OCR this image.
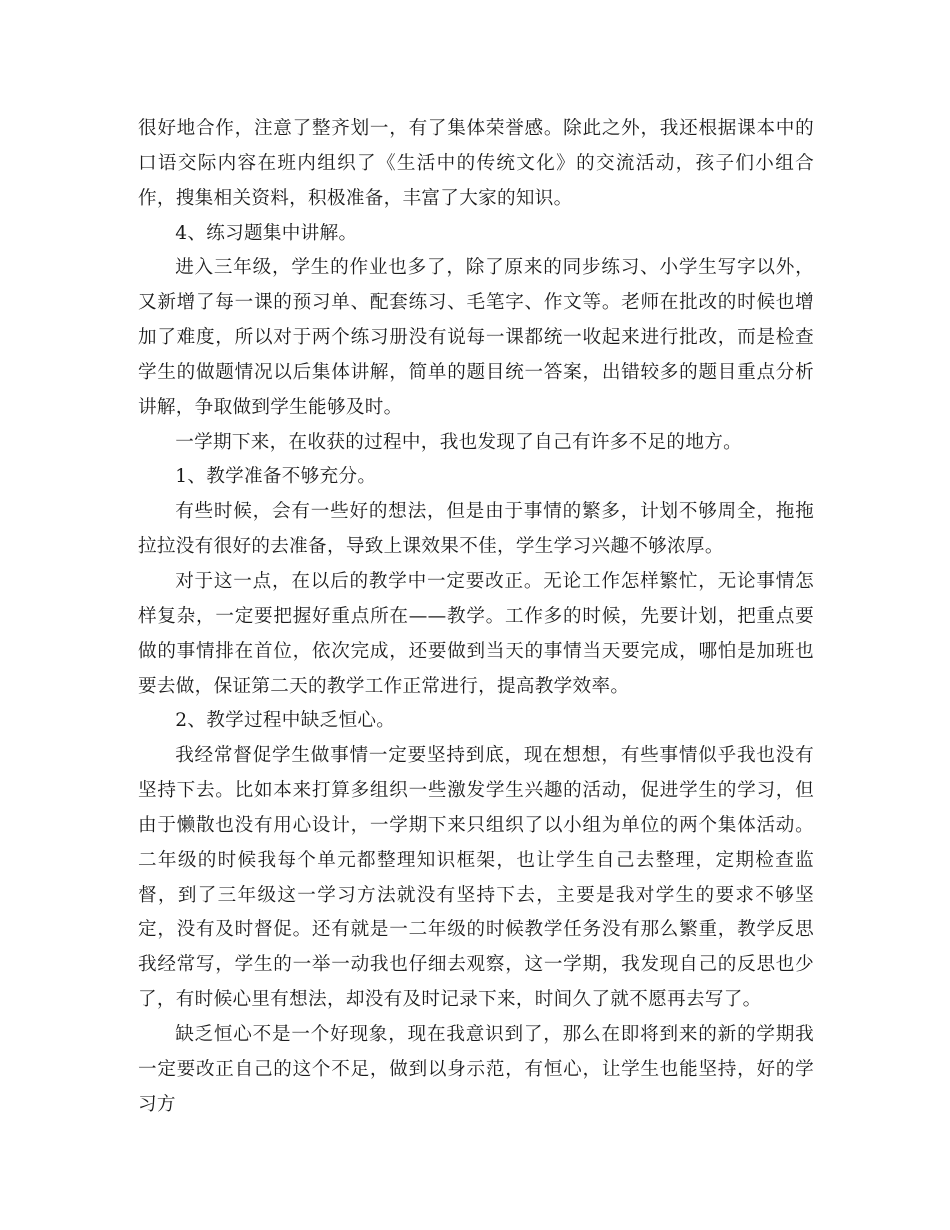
很好地合作，注意了整齐划一，有了集体荣誉感。除此之外，我还根据课本中的口语交际内容在班内组织了《生活中的传统文化》的交流活动，孩子们小组合作，搜集相关资料，积极准备，丰富了大家的知识。

4、练习题集中讲解。

进入三年级，学生的作业也多了，除了原来的同步练习、小学生写字以外，又新增了每一课的预习单、配套练习、毛笔字、作文等。老师在批改的时候也增加了难度，所以对于两个练习册没有说每一课都统一收起来进行批改，而是检查学生的做题情况以后集体讲解，简单的题目统一答案，出错较多的题目重点分析讲解，争取做到学生能够及时。

一学期下来，在收获的过程中，我也发现了自己有许多不足的地方。

1、教学准备不够充分。

有些时候，会有一些好的想法，但是由于事情的繁多，计划不够周全，拖拖拉拉没有很好的去准备，导致上课效果不佳，学生学习兴趣不够浓厚。

对于这一点，在以后的教学中一定要改正。无论工作怎样繁忙，无论事情怎样复杂，一定要把握好重点所在——教学。工作多的时候，先要计划，把重点要做的事情排在首位，依次完成，还要做到当天的事情当天要完成，哪怕是加班也要去做，保证第二天的教学工作正常进行，提高教学效率。

2、教学过程中缺乏恒心。

我经常督促学生做事情一定要坚持到底，现在想想，有些事情似乎我也没有坚持下去。比如本来打算多组织一些激发学生兴趣的活动，促进学生的学习，但由于懒散也没有用心设计，一学期下来只组织了以小组为单位的两个集体活动。二年级的时候我每个单元都整理知识框架，也让学生自己去整理，定期检查监督，到了三年级这一学习方法就没有坚持下去，主要是我对学生的要求不够坚定，没有及时督促。还有就是一二年级的时候教学任务没有那么繁重，教学反思我经常写，学生的一举一动我也仔细去观察，这一学期，我发现自己的反思也少了，有时候心里有想法，却没有及时记录下来，时间久了就不愿再去写了。

缺乏恒心不是一个好现象，现在我意识到了，那么在即将到来的新的学期我一定要改正自己的这个不足，做到以身示范，有恒心，让学生也能坚持，好的学习方
